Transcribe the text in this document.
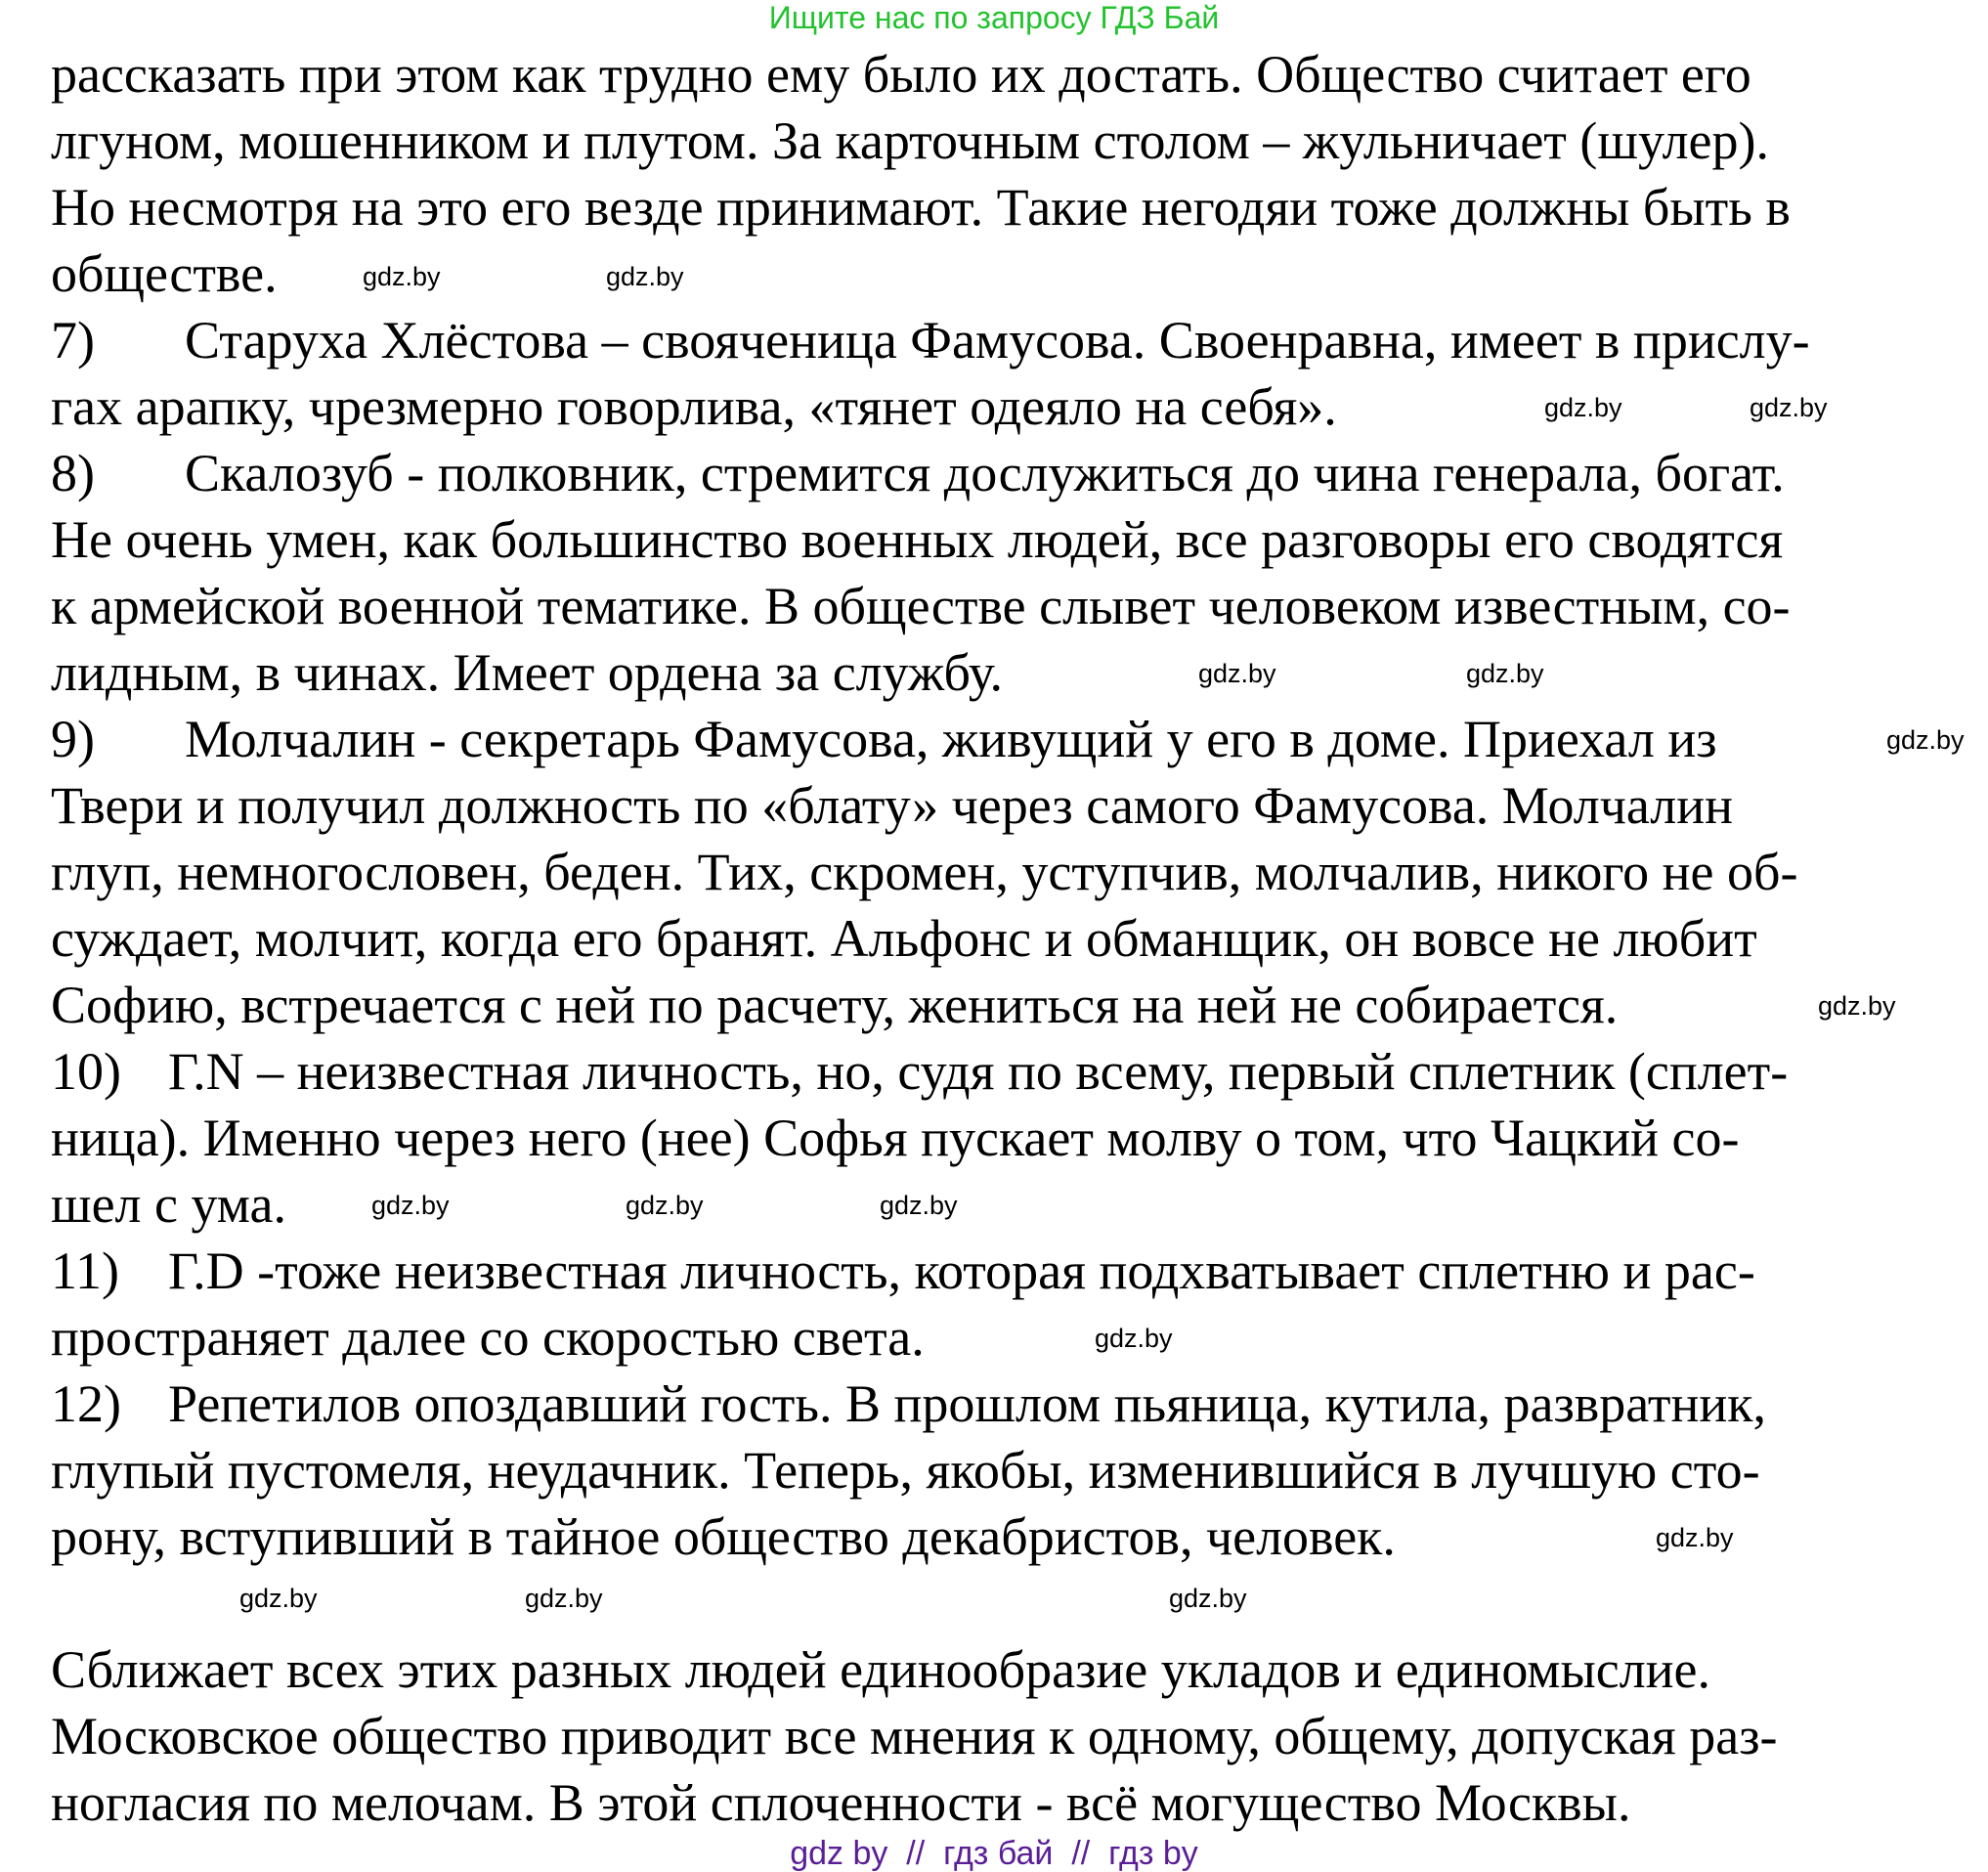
Ищите нас по запросу ГДЗ Бай
рассказать при этом как трудно ему было их достать. Общество считает его
лгуном, мошенником и плутом. За карточным столом – жульничает (шулер).
Но несмотря на это его везде принимают. Такие негодяи тоже должны быть в
обществе.
7) Старуха Хлёстова – свояченица Фамусова. Своенравна, имеет в прислу-
гах арапку, чрезмерно говорлива, «тянет одеяло на себя».
8) Скалозуб - полковник, стремится дослужиться до чина генерала, богат.
Не очень умен, как большинство военных людей, все разговоры его сводятся
к армейской военной тематике. В обществе слывет человеком известным, со-
лидным, в чинах. Имеет ордена за службу.
9) Молчалин - секретарь Фамусова, живущий у его в доме. Приехал из
Твери и получил должность по «блату» через самого Фамусова. Молчалин
глуп, немногословен, беден. Тих, скромен, уступчив, молчалив, никого не об-
суждает, молчит, когда его бранят. Альфонс и обманщик, он вовсе не любит
Софию, встречается с ней по расчету, жениться на ней не собирается.
10) Г.N – неизвестная личность, но, судя по всему, первый сплетник (сплет-
ница). Именно через него (нее) Софья пускает молву о том, что Чацкий со-
шел с ума.
11) Г.D -тоже неизвестная личность, которая подхватывает сплетню и рас-
пространяет далее со скоростью света.
12) Репетилов опоздавший гость. В прошлом пьяница, кутила, развратник,
глупый пустомеля, неудачник. Теперь, якобы, изменившийся в лучшую сто-
рону, вступивший в тайное общество декабристов, человек.
Сближает всех этих разных людей единообразие укладов и единомыслие.
Московское общество приводит все мнения к одному, общему, допуская раз-
ногласия по мелочам. В этой сплоченности - всё могущество Москвы.
gdz.by
gdz.by
gdz.by	gdz.by
gdz.by
gdz.by
gdz.by
gdz.by
gdz.by
gdz.by	gdz.by
gdz.by
gdz.by
gdz.by	gdz.by	gdz.by
gdz by  //  гдз бай  //  гдз by
